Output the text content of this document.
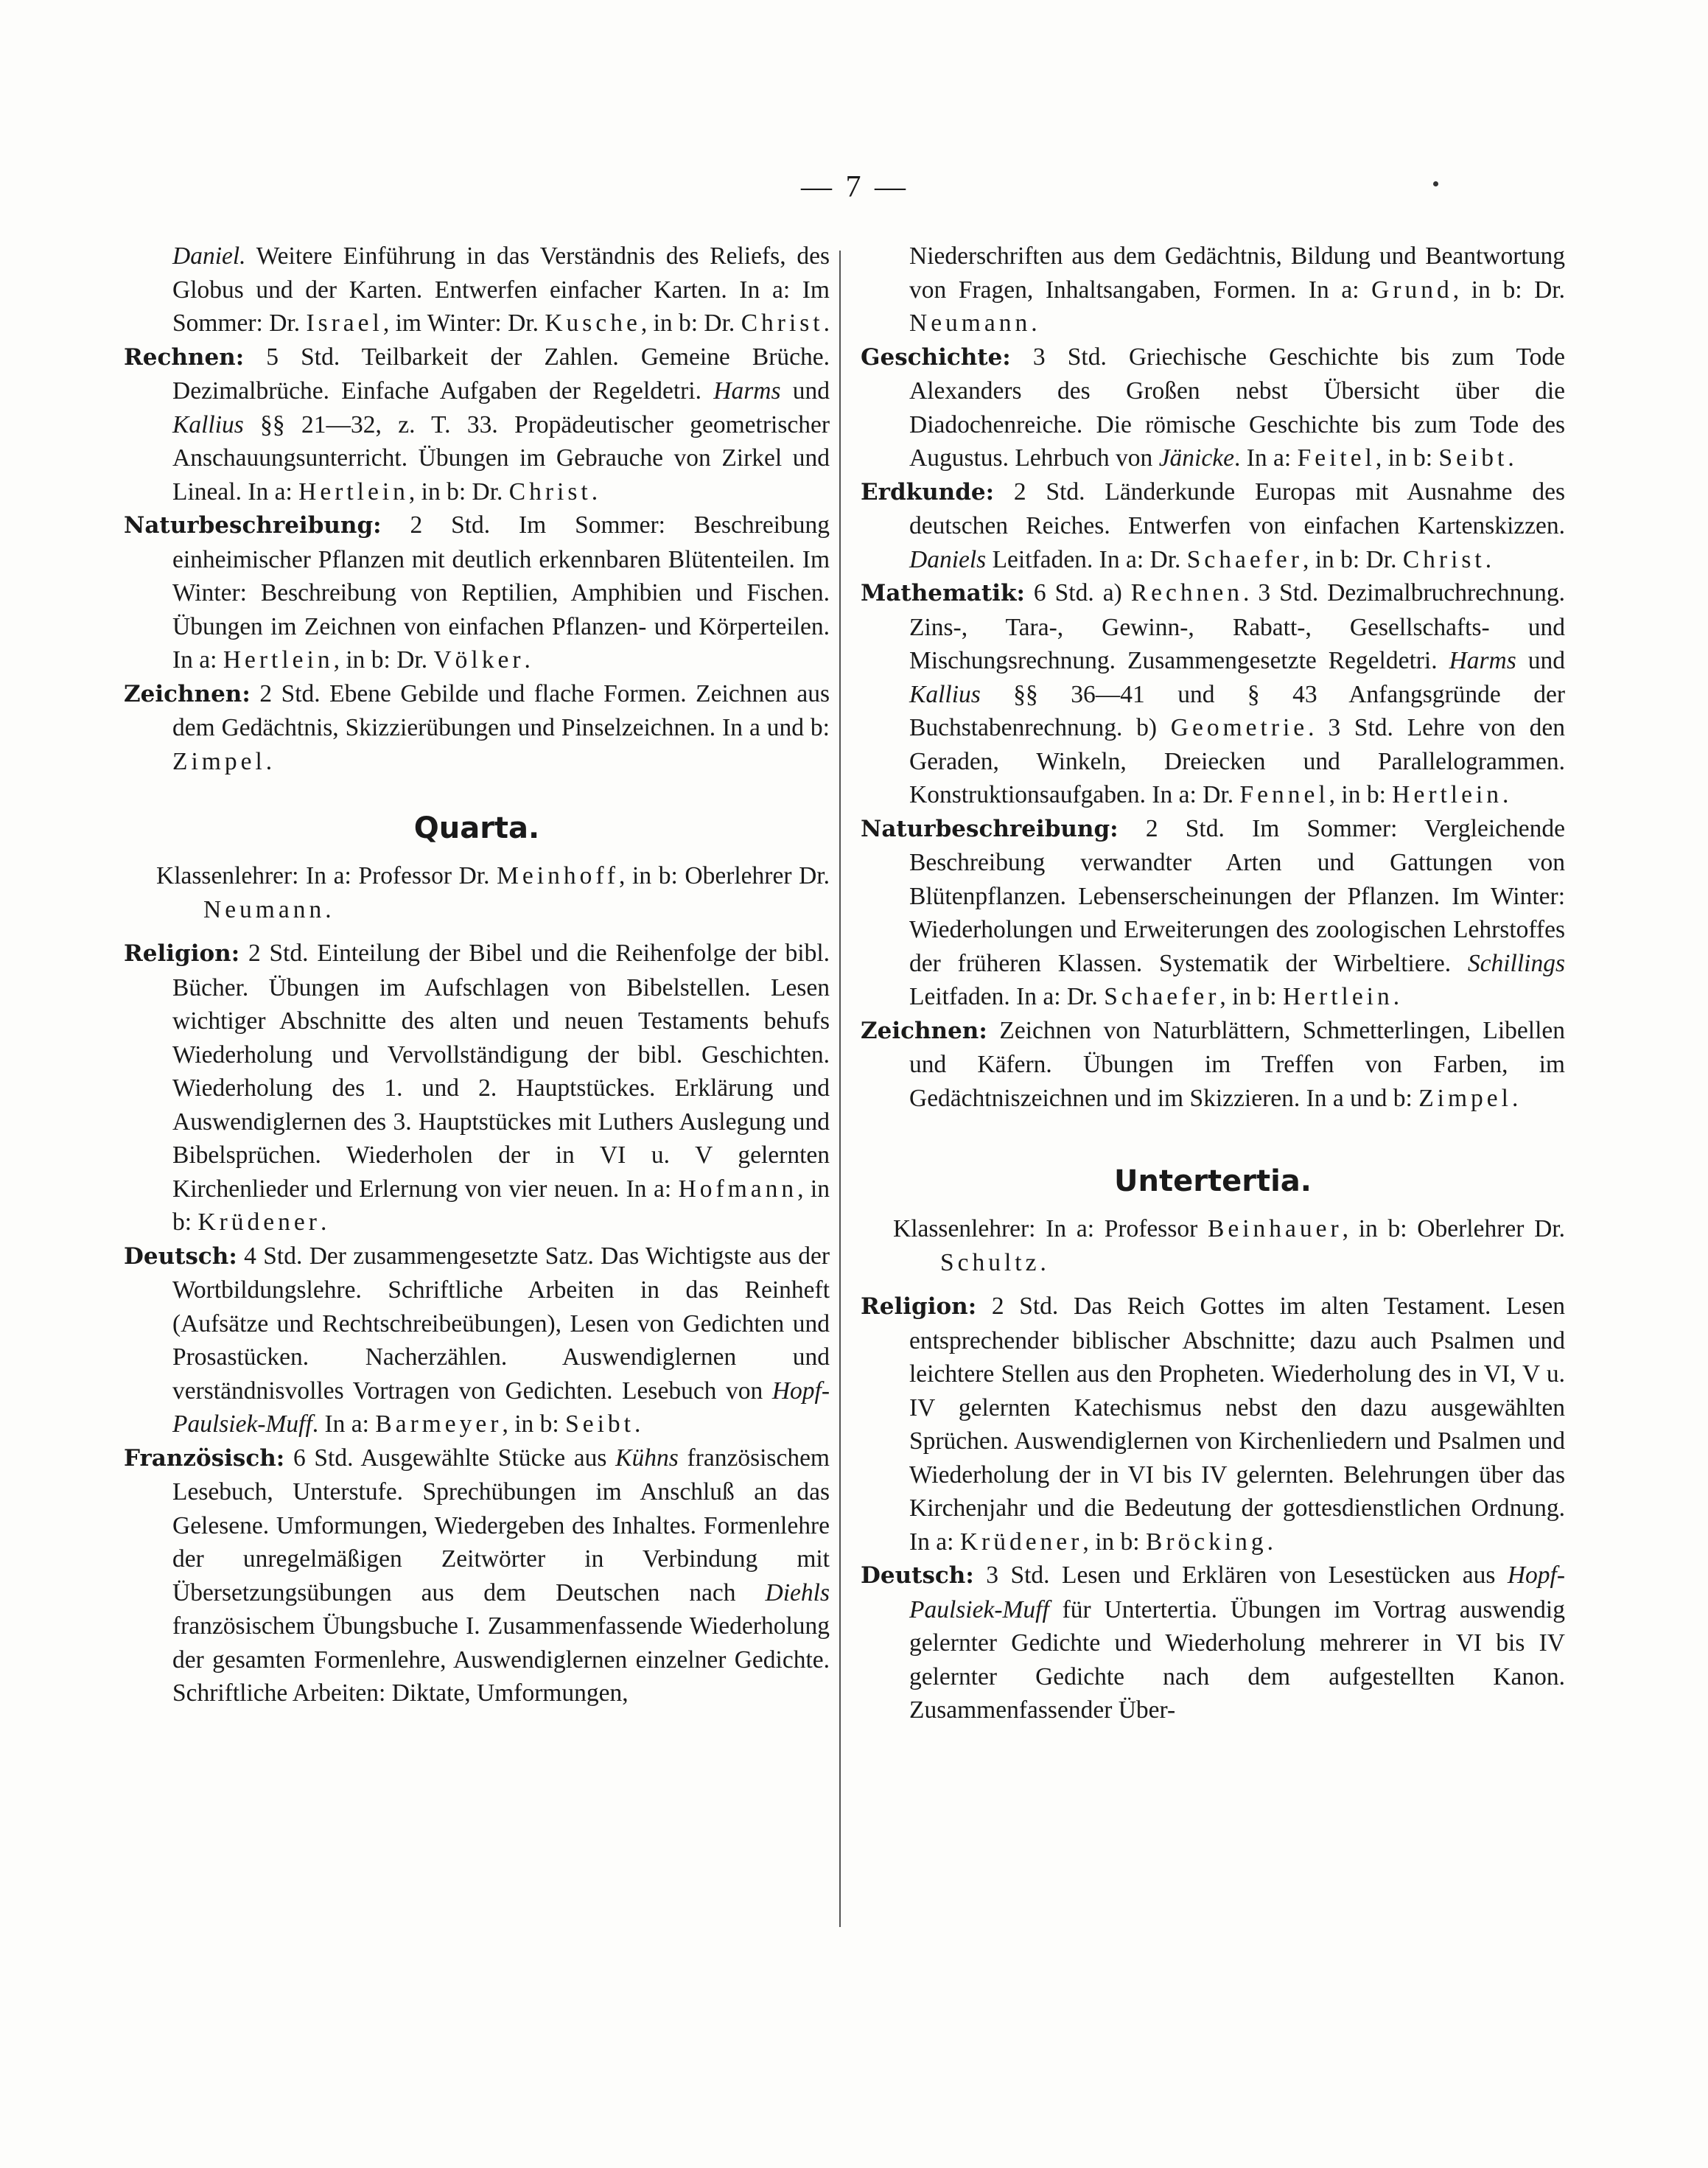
— 7 —

Daniel. Weitere Einführung in das Verständnis des Reliefs, des Globus und der Karten. Entwerfen einfacher Karten. In a: Im Sommer: Dr. Israel, im Winter: Dr. Kusche, in b: Dr. Christ.

Rechnen: 5 Std. Teilbarkeit der Zahlen. Gemeine Brüche. Dezimalbrüche. Einfache Aufgaben der Regeldetri. Harms und Kallius §§ 21—32, z. T. 33. Propädeutischer geometrischer Anschauungsunterricht. Übungen im Gebrauche von Zirkel und Lineal. In a: Hertlein, in b: Dr. Christ.

Naturbeschreibung: 2 Std. Im Sommer: Beschreibung einheimischer Pflanzen mit deutlich erkennbaren Blütenteilen. Im Winter: Beschreibung von Reptilien, Amphibien und Fischen. Übungen im Zeichnen von einfachen Pflanzen- und Körperteilen. In a: Hertlein, in b: Dr. Völker.

Zeichnen: 2 Std. Ebene Gebilde und flache Formen. Zeichnen aus dem Gedächtnis, Skizzierübungen und Pinselzeichnen. In a und b: Zimpel.

Quarta.

Klassenlehrer: In a: Professor Dr. Meinhoff, in b: Oberlehrer Dr. Neumann.

Religion: 2 Std. Einteilung der Bibel und die Reihenfolge der bibl. Bücher. Übungen im Aufschlagen von Bibelstellen. Lesen wichtiger Abschnitte des alten und neuen Testaments behufs Wiederholung und Vervollständigung der bibl. Geschichten. Wiederholung des 1. und 2. Hauptstückes. Erklärung und Auswendiglernen des 3. Hauptstückes mit Luthers Auslegung und Bibelsprüchen. Wiederholen der in VI u. V gelernten Kirchenlieder und Erlernung von vier neuen. In a: Hofmann, in b: Krüdener.

Deutsch: 4 Std. Der zusammengesetzte Satz. Das Wichtigste aus der Wortbildungslehre. Schriftliche Arbeiten in das Reinheft (Aufsätze und Rechtschreibeübungen), Lesen von Gedichten und Prosastücken. Nacherzählen. Auswendiglernen und verständnisvolles Vortragen von Gedichten. Lesebuch von Hopf-Paulsiek-Muff. In a: Barmeyer, in b: Seibt.

Französisch: 6 Std. Ausgewählte Stücke aus Kühns französischem Lesebuch, Unterstufe. Sprechübungen im Anschluß an das Gelesene. Umformungen, Wiedergeben des Inhaltes. Formenlehre der unregelmäßigen Zeitwörter in Verbindung mit Übersetzungsübungen aus dem Deutschen nach Diehls französischem Übungsbuche I. Zusammenfassende Wiederholung der gesamten Formenlehre, Auswendiglernen einzelner Gedichte. Schriftliche Arbeiten: Diktate, Umformungen,

Niederschriften aus dem Gedächtnis, Bildung und Beantwortung von Fragen, Inhaltsangaben, Formen. In a: Grund, in b: Dr. Neumann.

Geschichte: 3 Std. Griechische Geschichte bis zum Tode Alexanders des Großen nebst Übersicht über die Diadochenreiche. Die römische Geschichte bis zum Tode des Augustus. Lehrbuch von Jänicke. In a: Feitel, in b: Seibt.

Erdkunde: 2 Std. Länderkunde Europas mit Ausnahme des deutschen Reiches. Entwerfen von einfachen Kartenskizzen. Daniels Leitfaden. In a: Dr. Schaefer, in b: Dr. Christ.

Mathematik: 6 Std. a) Rechnen. 3 Std. Dezimalbruchrechnung. Zins-, Tara-, Gewinn-, Rabatt-, Gesellschafts- und Mischungsrechnung. Zusammengesetzte Regeldetri. Harms und Kallius §§ 36—41 und § 43 Anfangsgründe der Buchstabenrechnung. b) Geometrie. 3 Std. Lehre von den Geraden, Winkeln, Dreiecken und Parallelogrammen. Konstruktionsaufgaben. In a: Dr. Fennel, in b: Hertlein.

Naturbeschreibung: 2 Std. Im Sommer: Vergleichende Beschreibung verwandter Arten und Gattungen von Blütenpflanzen. Lebenserscheinungen der Pflanzen. Im Winter: Wiederholungen und Erweiterungen des zoologischen Lehrstoffes der früheren Klassen. Systematik der Wirbeltiere. Schillings Leitfaden. In a: Dr. Schaefer, in b: Hertlein.

Zeichnen: Zeichnen von Naturblättern, Schmetterlingen, Libellen und Käfern. Übungen im Treffen von Farben, im Gedächtniszeichnen und im Skizzieren. In a und b: Zimpel.

Untertertia.

Klassenlehrer: In a: Professor Beinhauer, in b: Oberlehrer Dr. Schultz.

Religion: 2 Std. Das Reich Gottes im alten Testament. Lesen entsprechender biblischer Abschnitte; dazu auch Psalmen und leichtere Stellen aus den Propheten. Wiederholung des in VI, V u. IV gelernten Katechismus nebst den dazu ausgewählten Sprüchen. Auswendiglernen von Kirchenliedern und Psalmen und Wiederholung der in VI bis IV gelernten. Belehrungen über das Kirchenjahr und die Bedeutung der gottesdienstlichen Ordnung. In a: Krüdener, in b: Bröcking.

Deutsch: 3 Std. Lesen und Erklären von Lesestücken aus Hopf-Paulsiek-Muff für Untertertia. Übungen im Vortrag auswendig gelernter Gedichte und Wiederholung mehrerer in VI bis IV gelernter Gedichte nach dem aufgestellten Kanon. Zusammenfassender Über-
